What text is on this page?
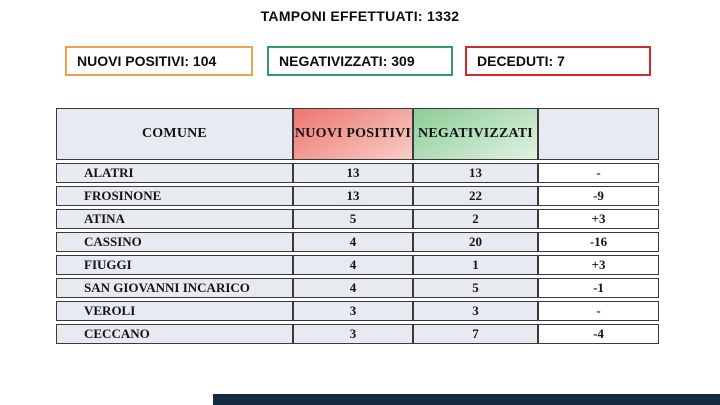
TAMPONI EFFETTUATI: 1332
NUOVI POSITIVI: 104	NEGATIVIZZATI: 309	DECEDUTI: 7
COMUNE	NUOVI POSITIVI	NEGATIVIZZATI	
ALATRI	13	13	-
FROSINONE	13	22	-9
ATINA	5	2	+3
CASSINO	4	20	-16
FIUGGI	4	1	+3
SAN GIOVANNI INCARICO	4	5	-1
VEROLI	3	3	-
CECCANO	3	7	-4
